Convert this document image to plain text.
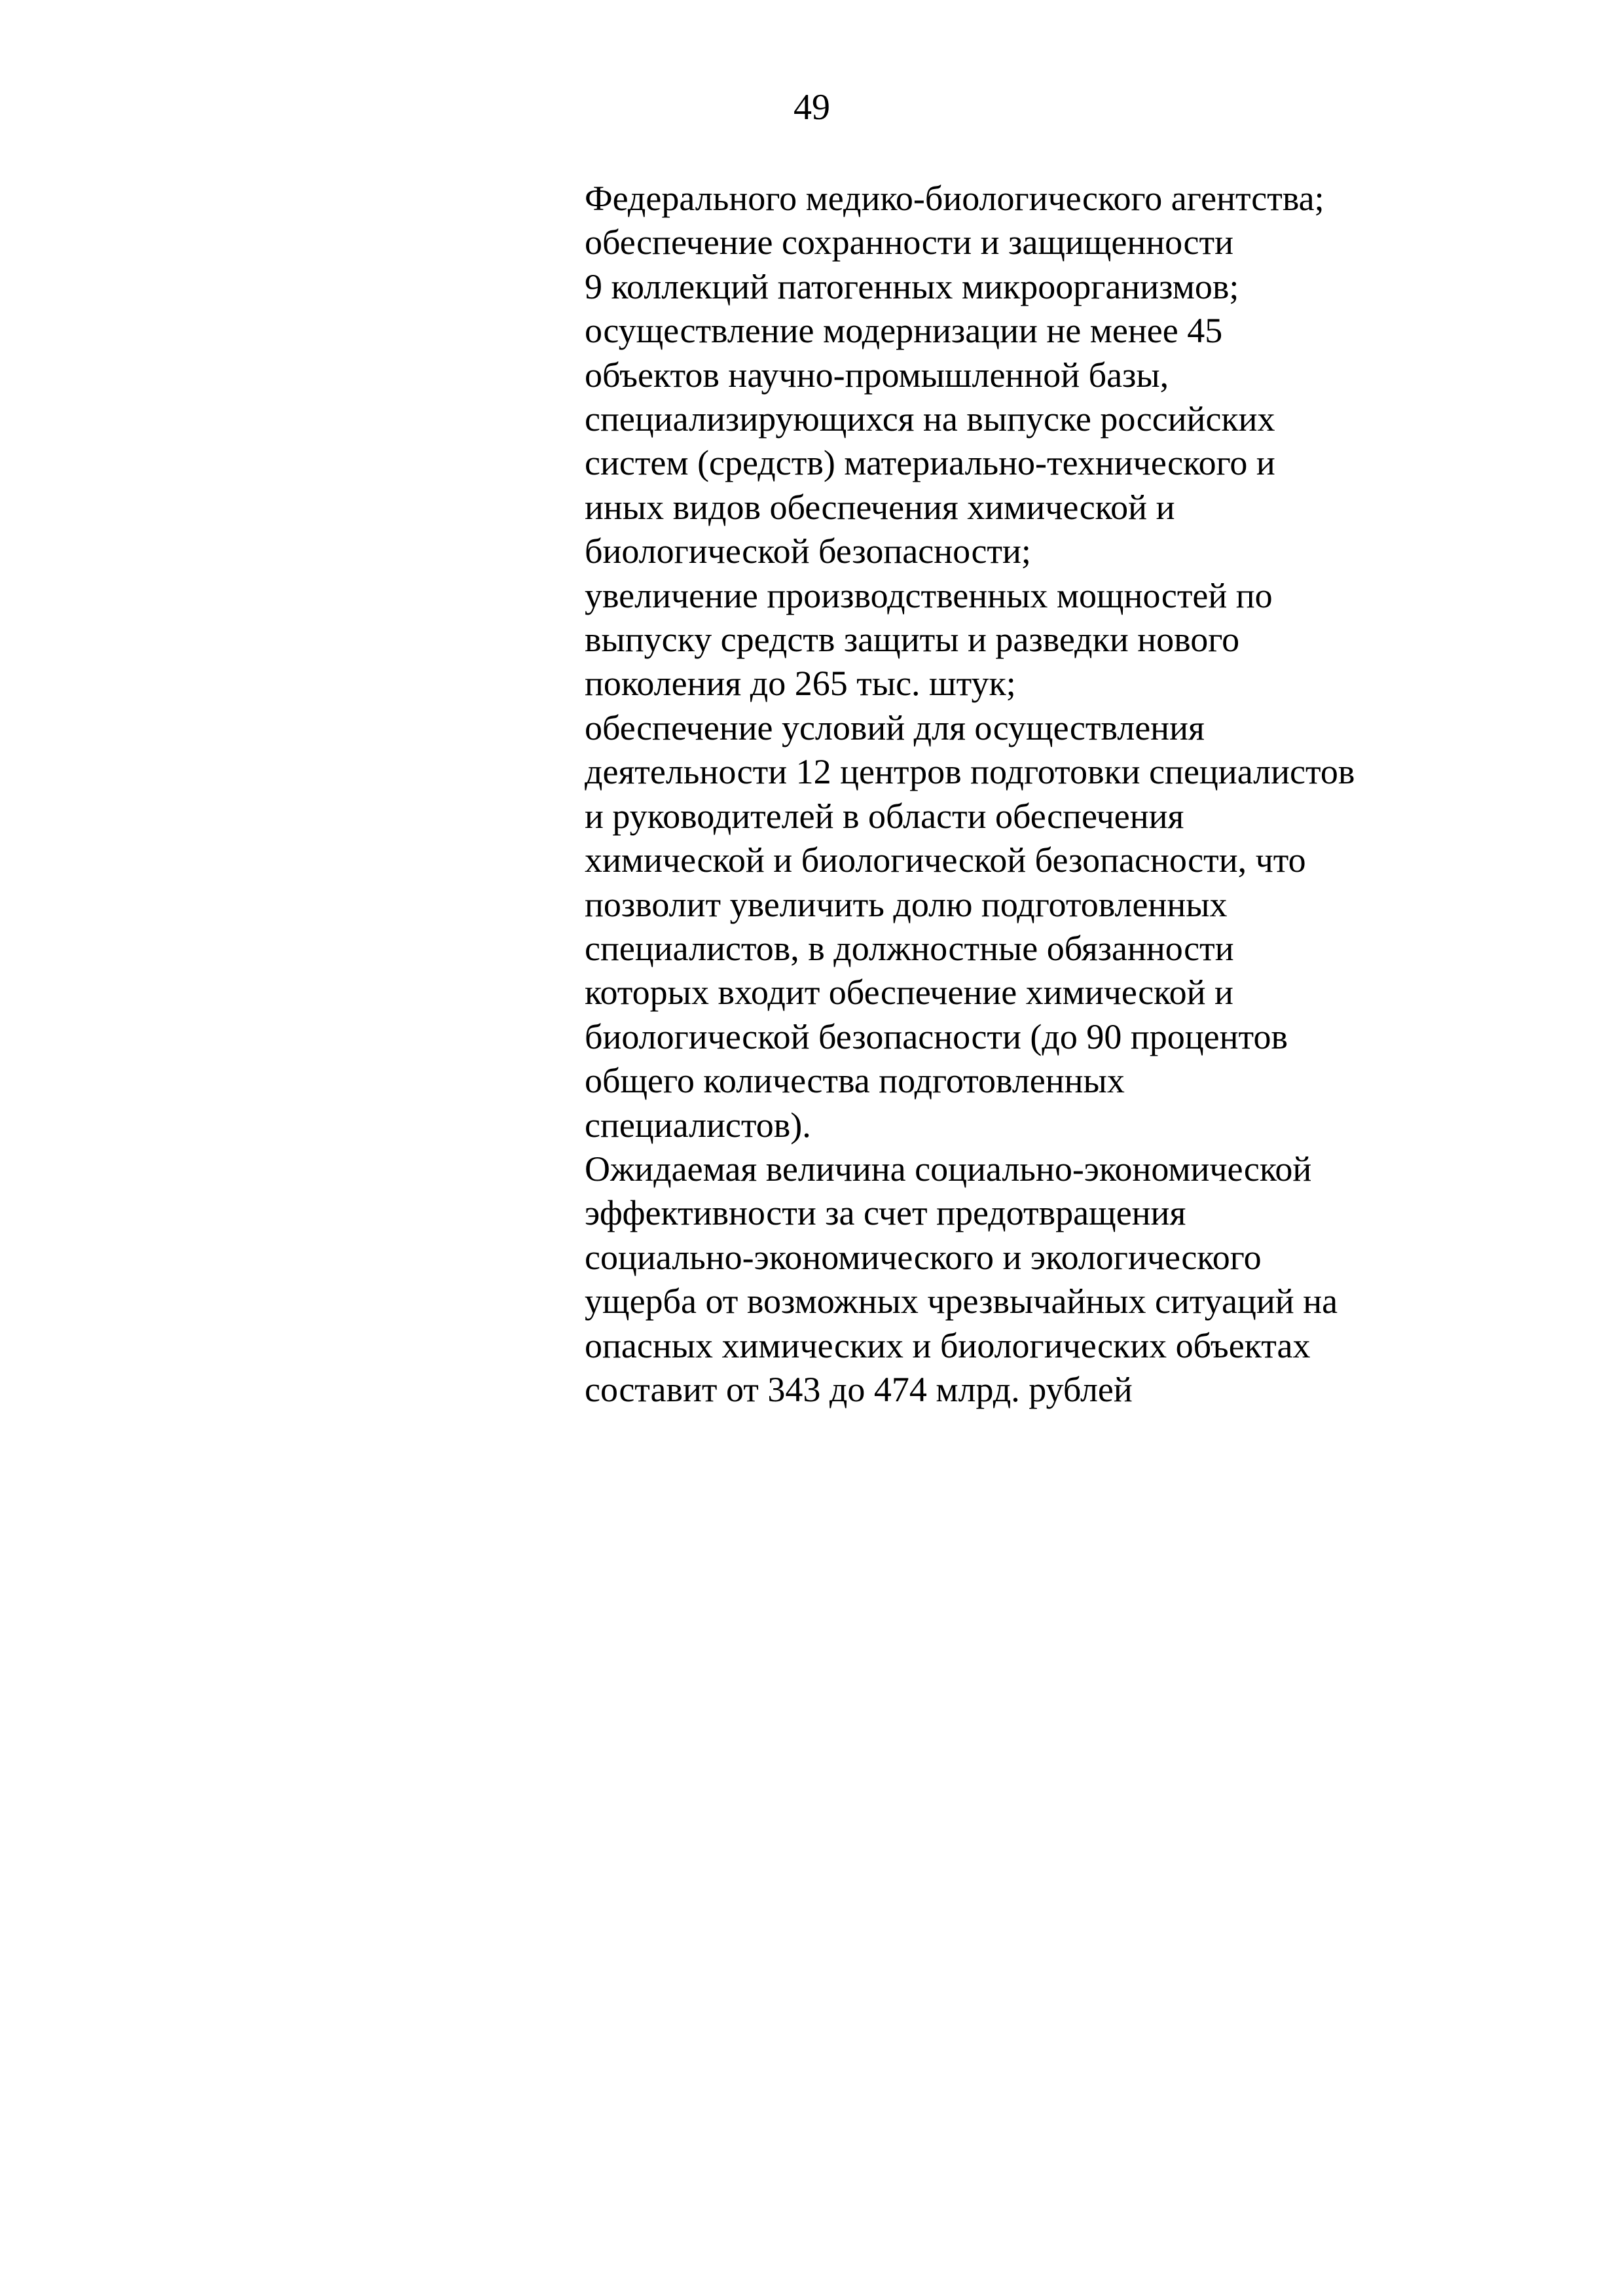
49
Федерального медико-биологического агентства;
обеспечение сохранности и защищенности
9 коллекций патогенных микроорганизмов;
осуществление модернизации не менее 45
объектов научно-промышленной базы,
специализирующихся на выпуске российских
систем (средств) материально-технического и
иных видов обеспечения химической и
биологической безопасности;
увеличение производственных мощностей по
выпуску средств защиты и разведки нового
поколения до 265 тыс. штук;
обеспечение условий для осуществления
деятельности 12 центров подготовки специалистов
и руководителей в области обеспечения
химической и биологической безопасности, что
позволит увеличить долю подготовленных
специалистов, в должностные обязанности
которых входит обеспечение химической и
биологической безопасности (до 90 процентов
общего количества подготовленных
специалистов).
Ожидаемая величина социально-экономической
эффективности за счет предотвращения
социально-экономического и экологического
ущерба от возможных чрезвычайных ситуаций на
опасных химических и биологических объектах
составит от 343 до 474 млрд. рублей
